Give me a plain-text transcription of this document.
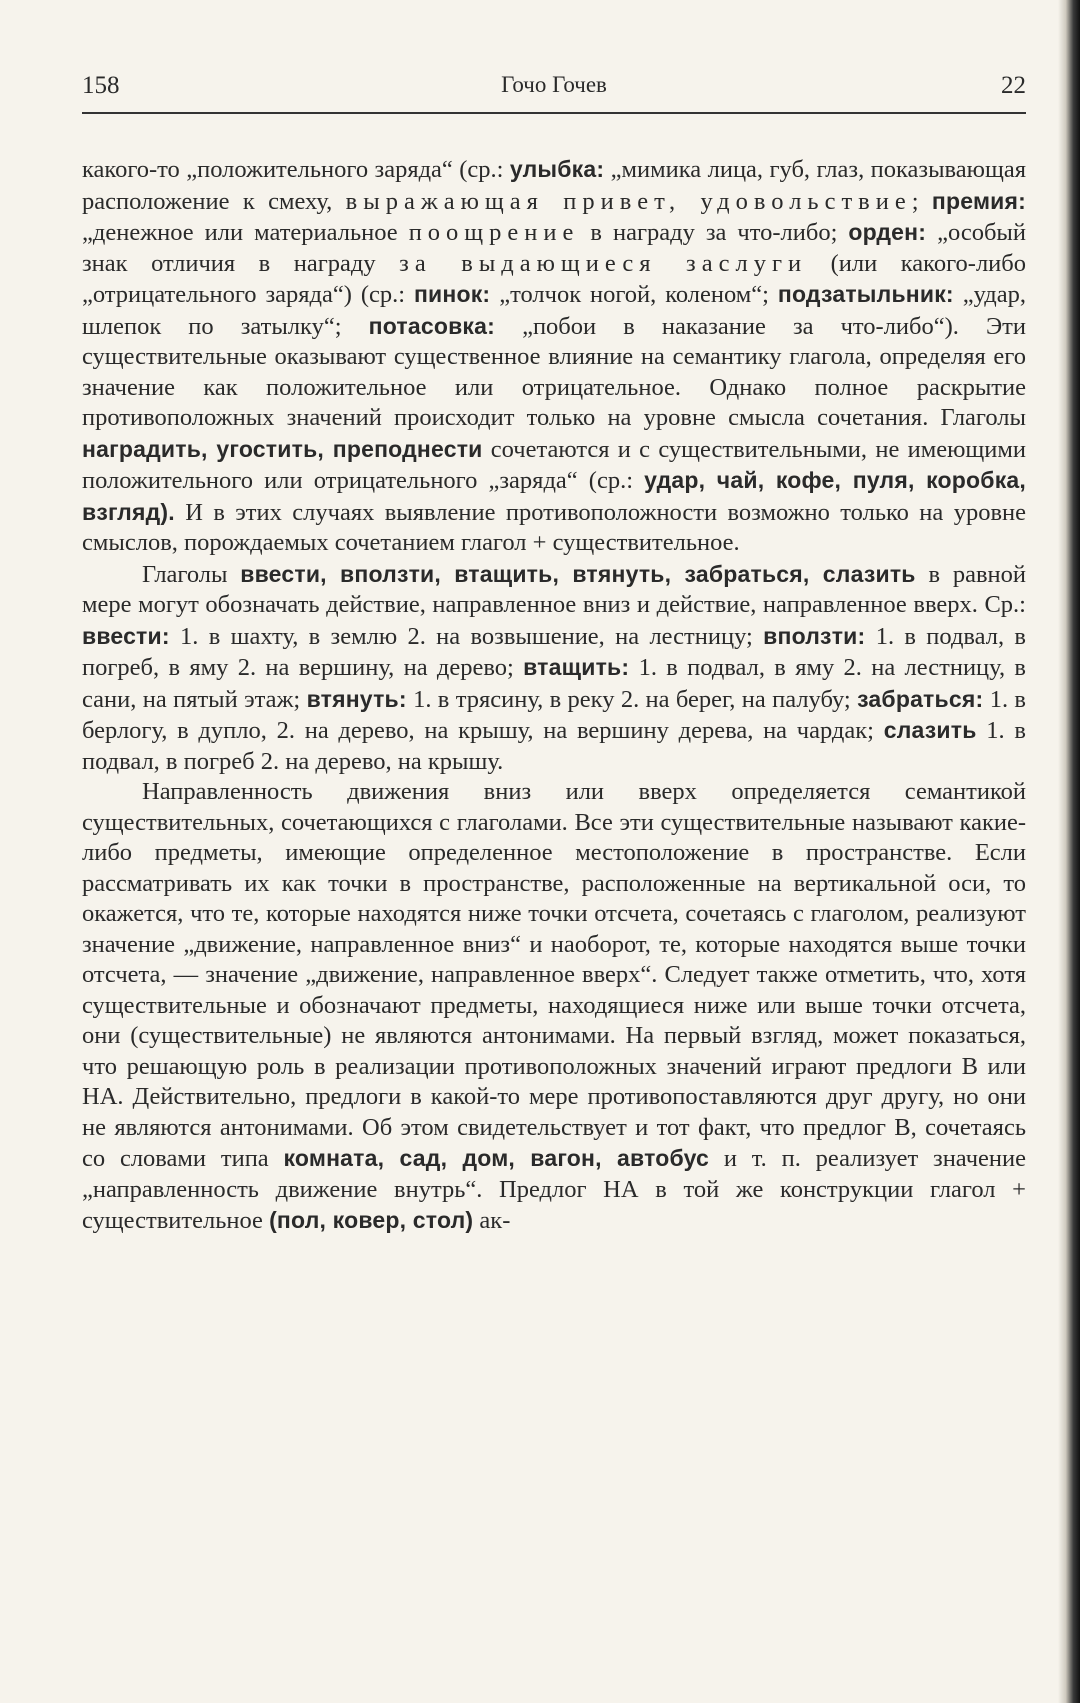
158	Гочо Гочев	22

какого-то „положительного заряда“ (ср.: улыбка: „мимика лица, губ, глаз, показывающая расположение к смеху, выражающая привет, удовольствие; премия: „денежное или материальное поощрение в награду за что-либо; орден: „особый знак отличия в награду за выдающиеся заслуги (или какого-либо „отрицательного заряда“) (ср.: пинок: „толчок ногой, коленом“; подзатыльник: „удар, шлепок по затылку“; потасовка: „побои в наказание за что-либо“). Эти существительные оказывают существенное влияние на семантику глагола, определяя его значение как положительное или отрицательное. Однако полное раскрытие противоположных значений происходит только на уровне смысла сочетания. Глаголы наградить, угостить, преподнести сочетаются и с существительными, не имеющими положительного или отрицательного „заряда“ (ср.: удар, чай, кофе, пуля, коробка, взгляд). И в этих случаях выявление противоположности возможно только на уровне смыслов, порождаемых сочетанием глагол + существительное.

Глаголы ввести, вползти, втащить, втянуть, забраться, слазить в равной мере могут обозначать действие, направленное вниз и действие, направленное вверх. Ср.: ввести: 1. в шахту, в землю 2. на возвышение, на лестницу; вползти: 1. в подвал, в погреб, в яму 2. на вершину, на дерево; втащить: 1. в подвал, в яму 2. на лестницу, в сани, на пятый этаж; втянуть: 1. в трясину, в реку 2. на берег, на палубу; забраться: 1. в берлогу, в дупло, 2. на дерево, на крышу, на вершину дерева, на чардак; слазить 1. в подвал, в погреб 2. на дерево, на крышу.

Направленность движения вниз или вверх определяется семантикой существительных, сочетающихся с глаголами. Все эти существительные называют какие-либо предметы, имеющие определенное местоположение в пространстве. Если рассматривать их как точки в пространстве, расположенные на вертикальной оси, то окажется, что те, которые находятся ниже точки отсчета, сочетаясь с глаголом, реализуют значение „движение, направленное вниз“ и наоборот, те, которые находятся выше точки отсчета, — значение „движение, направленное вверх“. Следует также отметить, что, хотя существительные и обозначают предметы, находящиеся ниже или выше точки отсчета, они (существительные) не являются антонимами. На первый взгляд, может показаться, что решающую роль в реализации противоположных значений играют предлоги В или НА. Действительно, предлоги в какой-то мере противопоставляются друг другу, но они не являются антонимами. Об этом свидетельствует и тот факт, что предлог В, сочетаясь со словами типа комната, сад, дом, вагон, автобус и т. п. реализует значение „направленность движение внутрь“. Предлог НА в той же конструкции глагол + существительное (пол, ковер, стол) ак-
